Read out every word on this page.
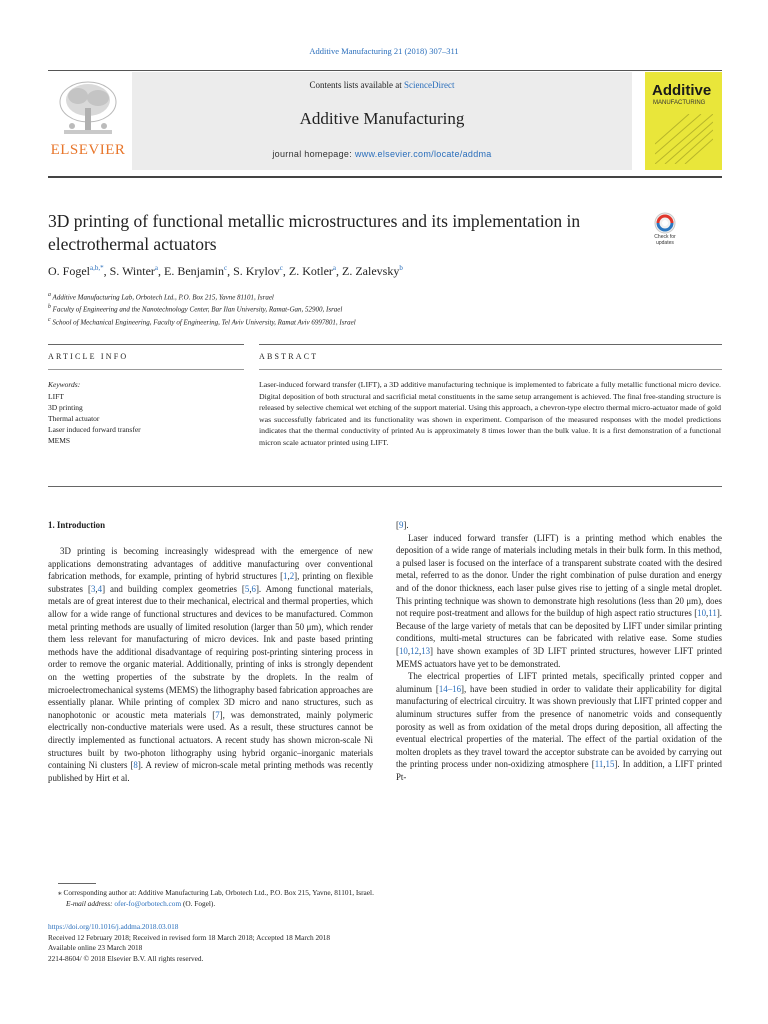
Additive Manufacturing 21 (2018) 307–311
ELSEVIER
Contents lists available at ScienceDirect
Additive Manufacturing
journal homepage: www.elsevier.com/locate/addma
Additive
MANUFACTURING
3D printing of functional metallic microstructures and its implementation in electrothermal actuators	Check for updates
O. Fogel$^{a,b,*}$, S. Winter$^a$, E. Benjamin$^c$, S. Krylov$^c$, Z. Kotler$^a$, Z. Zalevsky$^b$
$^a$ Additive Manufacturing Lab, Orbotech Ltd., P.O. Box 215, Yavne 81101, Israel
$^b$ Faculty of Engineering and the Nanotechnology Center, Bar Ilan University, Ramat-Gan, 52900, Israel
$^c$ School of Mechanical Engineering, Faculty of Engineering, Tel Aviv University, Ramat Aviv 6997801, Israel
ARTICLE INFO	ABSTRACT
Keywords:
LIFT
3D printing
Thermal actuator
Laser induced forward transfer
MEMS
Laser-induced forward transfer (LIFT), a 3D additive manufacturing technique is implemented to fabricate a fully metallic functional micro device. Digital deposition of both structural and sacrificial metal constituents in the same setup arrangement is achieved. The final free-standing structure is released by selective chemical wet etching of the support material. Using this approach, a chevron-type electro thermal micro-actuator made of gold was successfully fabricated and its functionality was shown in experiment. Comparison of the measured responses with the model predictions indicates that the thermal conductivity of printed Au is approximately 8 times lower than the bulk value. It is a first demonstration of a functional micron scale actuator printed using LIFT.
1. Introduction

3D printing is becoming increasingly widespread with the emergence of new applications demonstrating advantages of additive manufacturing over conventional fabrication methods, for example, printing of hybrid structures [1,2], printing on flexible substrates [3,4] and building complex geometries [5,6]. Among functional materials, metals are of great interest due to their mechanical, electrical and thermal properties, which allow for a wide range of functional structures and devices to be manufactured. Common metal printing methods are usually of limited resolution (larger than 50 μm), which render them less relevant for manufacturing of micro devices. Ink and paste based printing methods have the additional disadvantage of requiring post-printing sintering process in order to remove the organic material. Additionally, printing of inks is strongly dependent on the wetting properties of the substrate by the droplets. In the realm of microelectromechanical systems (MEMS) the lithography based fabrication approaches are essentially planar. While printing of complex 3D micro and nano structures, such as nanophotonic or acoustic meta materials [7], was demonstrated, mainly polymeric electrically non-conductive materials were used. As a result, these structures cannot be directly implemented as functional actuators. A recent study has shown micron-scale Ni structures built by two-photon lithography using hybrid organic–inorganic materials containing Ni clusters [8]. A review of micron-scale metal printing methods was recently published by Hirt et al.

[9].

Laser induced forward transfer (LIFT) is a printing method which enables the deposition of a wide range of materials including metals in their bulk form. In this method, a pulsed laser is focused on the interface of a transparent substrate coated with the desired metal, referred to as the donor. Under the right combination of pulse duration and energy and of the donor thickness, each laser pulse gives rise to jetting of a single metal droplet. This printing technique was shown to demonstrate high resolutions (less than 20 μm), does not require post-treatment and allows for the buildup of high aspect ratio structures [10,11]. Because of the large variety of metals that can be deposited by LIFT under similar printing conditions, multi-metal structures can be fabricated with relative ease. Some studies [10,12,13] have shown examples of 3D LIFT printed structures, however LIFT printed MEMS actuators have yet to be demonstrated.

The electrical properties of LIFT printed metals, specifically printed copper and aluminum [14–16], have been studied in order to validate their applicability for digital manufacturing of electrical circuitry. It was shown previously that LIFT printed copper and aluminum structures suffer from the presence of nanometric voids and consequently porosity as well as from oxidation of the metal drops during deposition, all affecting the eventual electrical properties of the material. The effect of the partial oxidation of the molten droplets as they travel toward the acceptor substrate can be avoided by carrying out the printing process under non-oxidizing atmosphere [11,15]. In addition, a LIFT printed Pt-

⁎ Corresponding author at: Additive Manufacturing Lab, Orbotech Ltd., P.O. Box 215, Yavne, 81101, Israel.
E-mail address: ofer-fo@orbotech.com (O. Fogel).
https://doi.org/10.1016/j.addma.2018.03.018
Received 12 February 2018; Received in revised form 18 March 2018; Accepted 18 March 2018
Available online 23 March 2018
2214-8604/ © 2018 Elsevier B.V. All rights reserved.
